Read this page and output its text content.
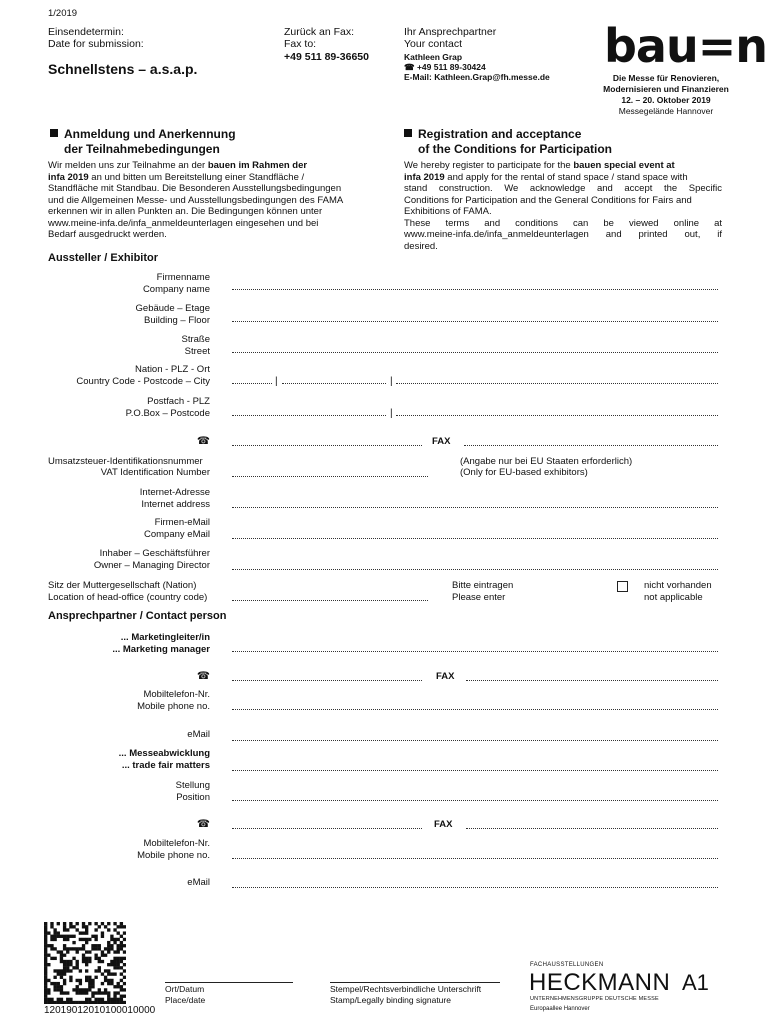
1/2019
Einsendetermin:
Date for submission:
Schnellstens – a.s.a.p.
Zurück an Fax:
Fax to:
+49 511 89-36650
Ihr Ansprechpartner
Your contact
Kathleen Grap
☎ +49 511 89-30424
E-Mail: Kathleen.Grap@fh.messe.de
bau=n
Die Messe für Renovieren,
Modernisieren und Finanzieren
12. – 20. Oktober 2019
Messegelände Hannover
Anmeldung und Anerkennung
der Teilnahmebedingungen
Wir melden uns zur Teilnahme an der bauen im Rahmen der
infa 2019 an und bitten um Bereitstellung einer Standfläche /
Standfläche mit Standbau. Die Besonderen Ausstellungsbedingungen
und die Allgemeinen Messe- und Ausstellungsbedingungen des FAMA
erkennen wir in allen Punkten an. Die Bedingungen können unter
www.meine-infa.de/infa_anmeldeunterlagen eingesehen und bei
Bedarf ausgedruckt werden.
Registration and acceptance
of the Conditions for Participation
We hereby register to participate for the bauen special event at
infa 2019 and apply for the rental of stand space / stand space with
stand construction. We acknowledge and accept the Specific
Conditions for Participation and the General Conditions for Fairs and
Exhibitions of FAMA.
These terms and conditions can be viewed online at
www.meine-infa.de/infa_anmeldeunterlagen and printed out, if
desired.
Aussteller / Exhibitor
Firmenname
Company name
Gebäude – Etage
Building – Floor
Straße
Street
Nation - PLZ - Ort
Country Code - Postcode – City	|	|
Postfach - PLZ
P.O.Box – Postcode	|
☎	FAX
Umsatzsteuer-Identifikationsnummer
VAT Identification Number
(Angabe nur bei EU Staaten erforderlich)
(Only for EU-based exhibitors)
Internet-Adresse
Internet address
Firmen-eMail
Company eMail
Inhaber – Geschäftsführer
Owner – Managing Director
Sitz der Muttergesellschaft (Nation)
Location of head-office (country code)
Bitte eintragen
Please enter
nicht vorhanden
not applicable
Ansprechpartner / Contact person
... Marketingleiter/in
... Marketing manager
☎	FAX
Mobiltelefon-Nr.
Mobile phone no.
eMail
... Messeabwicklung
... trade fair matters
Stellung
Position
☎	FAX
Mobiltelefon-Nr.
Mobile phone no.
eMail
12019012010100010000
Ort/Datum
Place/date
Stempel/Rechtsverbindliche Unterschrift
Stamp/Legally binding signature
FACHAUSSTELLUNGEN
HECKMANN
UNTERNEHMENSGRUPPE DEUTSCHE MESSE
Europaallee Hannover
A1
